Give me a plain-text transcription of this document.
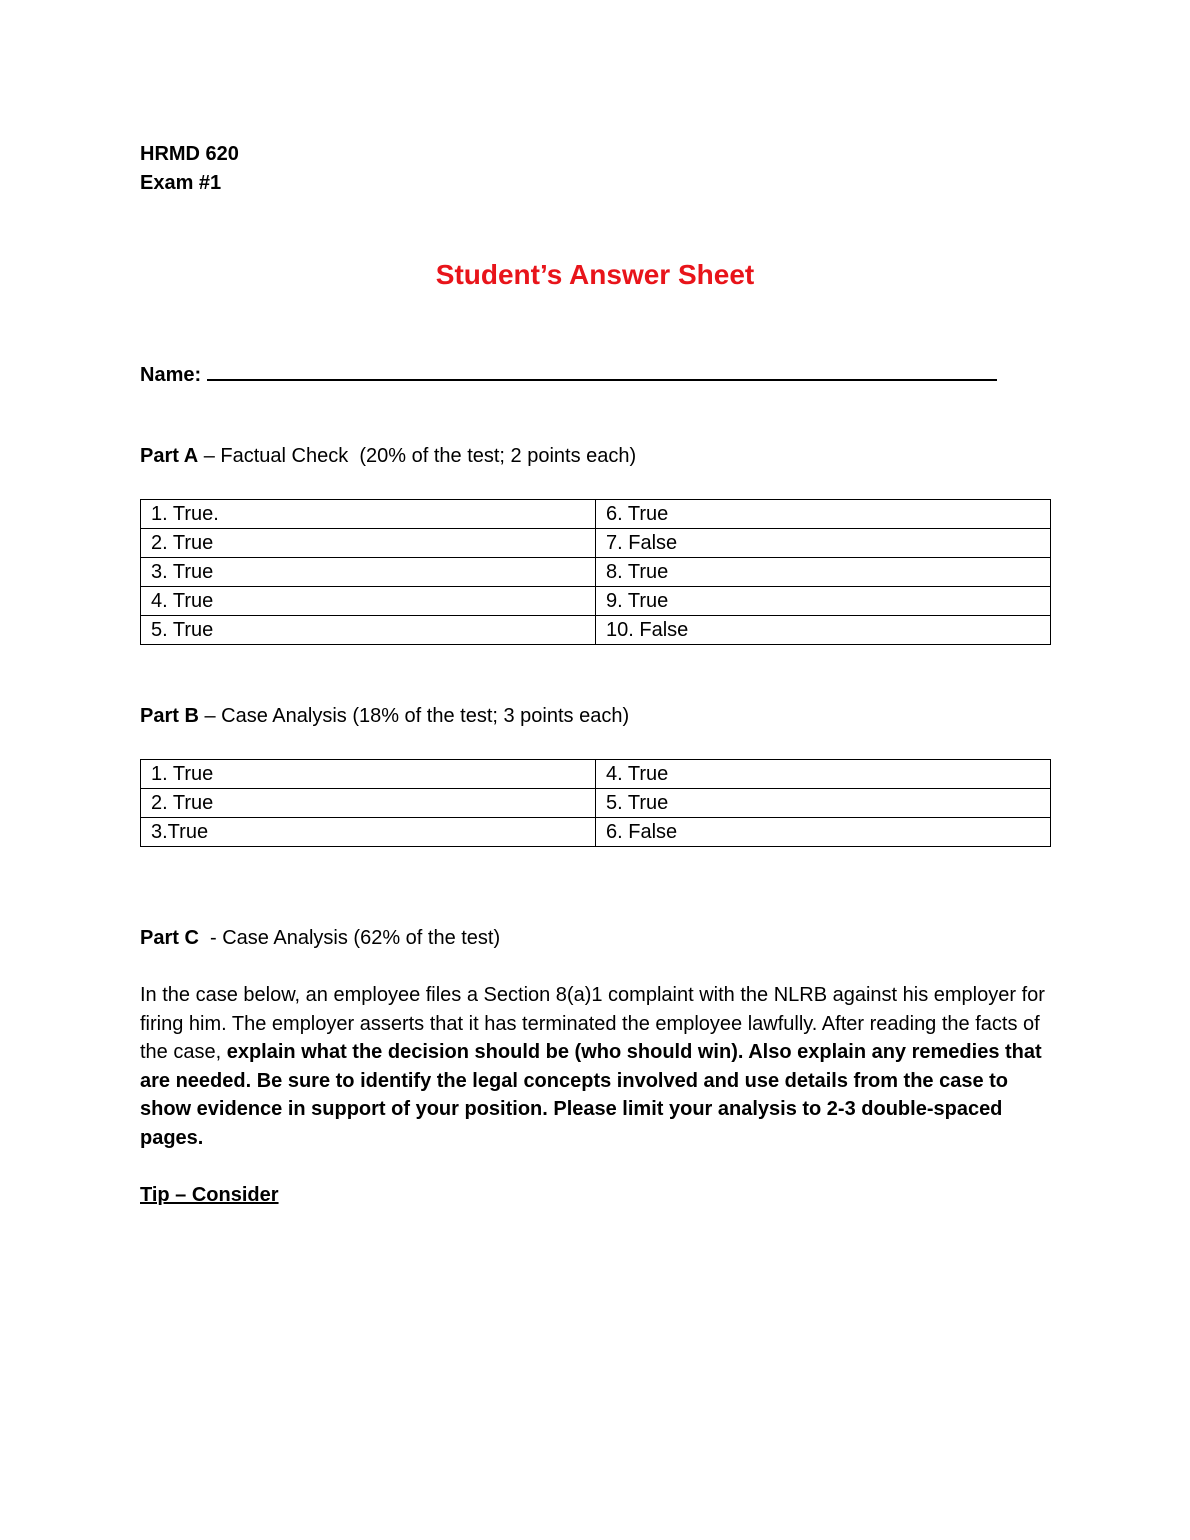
HRMD 620
Exam #1
Student’s Answer Sheet
Name:
Part A – Factual Check  (20% of the test; 2 points each)
1. True.	6. True
2. True	7. False
3. True	8. True
4. True	9. True
5. True	10. False
Part B – Case Analysis (18% of the test; 3 points each)
1. True	4. True
2. True	5. True
3.True	6. False
Part C  - Case Analysis (62% of the test)
In the case below, an employee files a Section 8(a)1 complaint with the NLRB against his employer for firing him. The employer asserts that it has terminated the employee lawfully. After reading the facts of the case, explain what the decision should be (who should win). Also explain any remedies that are needed. Be sure to identify the legal concepts involved and use details from the case to show evidence in support of your position. Please limit your analysis to 2-3 double-spaced pages.
Tip – Consider
